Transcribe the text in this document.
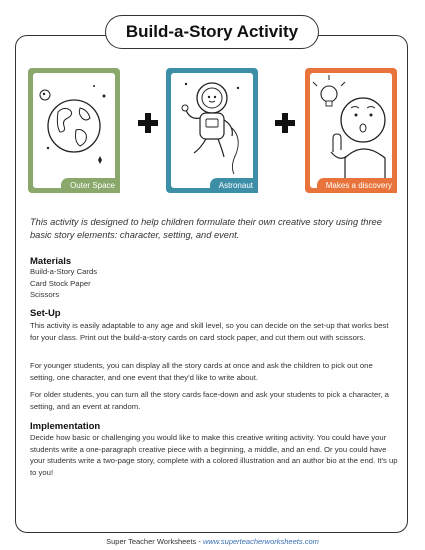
Build-a-Story Activity
Outer Space	Astronaut	Makes a discovery
This activity is designed to help children formulate their own creative story using three basic story elements: character, setting, and event.
Materials
Build-a-Story Cards
Card Stock Paper
Scissors
Set-Up
This activity is easily adaptable to any age and skill level, so you can decide on the set-up that works best for your class. Print out the build-a-story cards on card stock paper, and cut them out with scissors.
For younger students, you can display all the story cards at once and ask the children to pick out one setting, one character, and one event that they'd like to write about.
For older students, you can turn all the story cards face-down and ask your students to pick a character, a setting, and an event at random.
Implementation
Decide how basic or challenging you would like to make this creative writing activity. You could have your students write a one-paragraph creative piece with a beginning, a middle, and an end. Or you could have your students write a two-page story, complete with a colored illustration and an author bio at the end. It's up to you!
Super Teacher Worksheets - www.superteacherworksheets.com
